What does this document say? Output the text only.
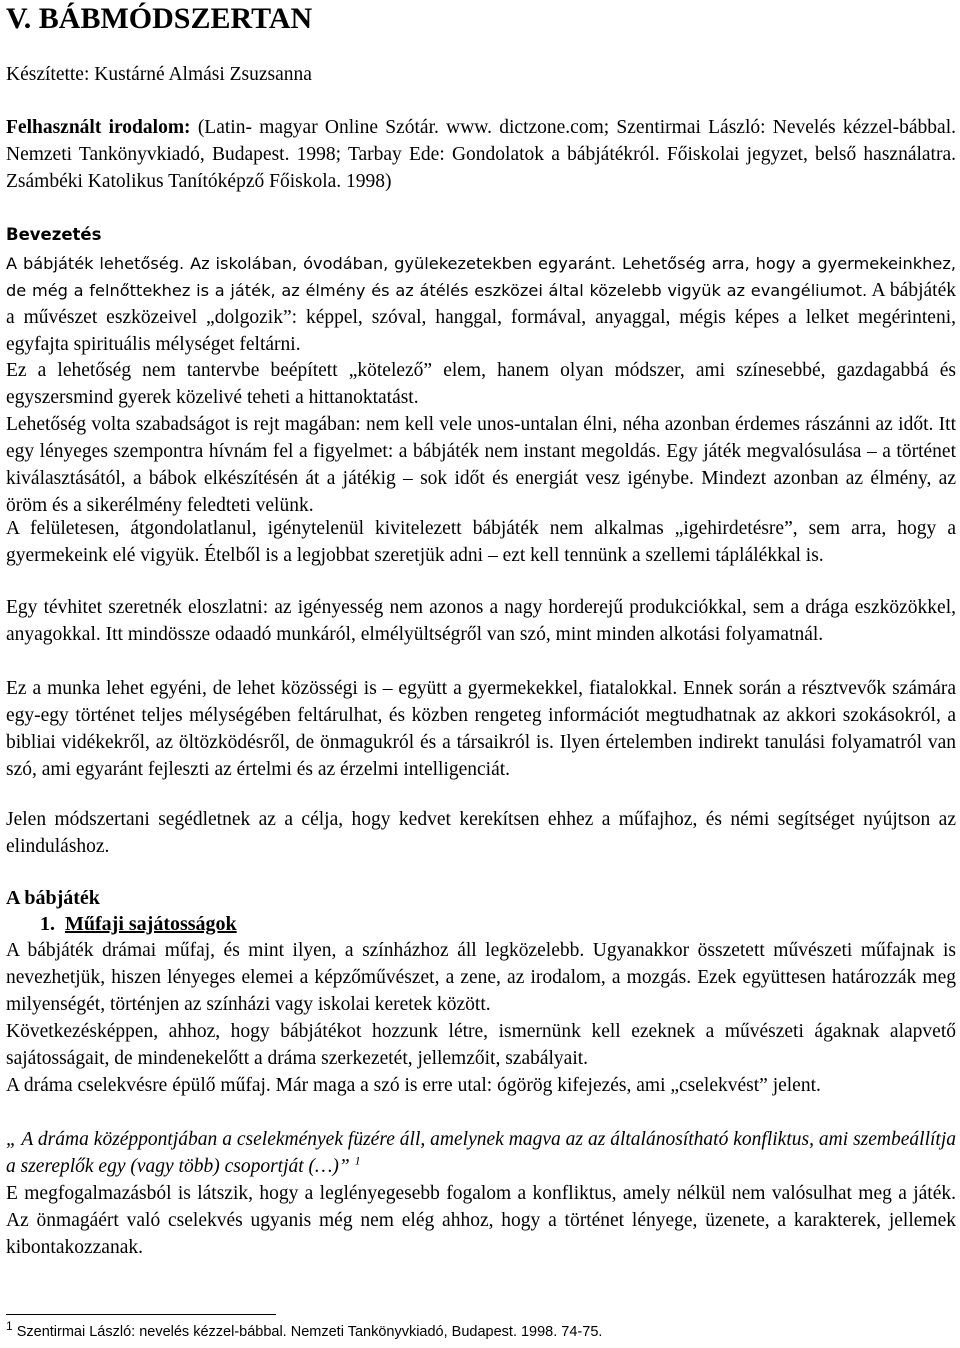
V. BÁBMÓDSZERTAN
Készítette: Kustárné Almási Zsuzsanna

Felhasznált irodalom: (Latin- magyar Online Szótár. www. dictzone.com; Szentirmai László: Nevelés kézzel-bábbal. Nemzeti Tankönyvkiadó, Budapest. 1998; Tarbay Ede: Gondolatok a bábjátékról. Főiskolai jegyzet, belső használatra. Zsámbéki Katolikus Tanítóképző Főiskola. 1998)

Bevezetés

A bábjáték lehetőség. Az iskolában, óvodában, gyülekezetekben egyaránt. Lehetőség arra, hogy a gyermekeinkhez, de még a felnőttekhez is a játék, az élmény és az átélés eszközei által közelebb vigyük az evangéliumot. A bábjáték a művészet eszközeivel „dolgozik”: képpel, szóval, hanggal, formával, anyaggal, mégis képes a lelket megérinteni, egyfajta spirituális mélységet feltárni.

Ez a lehetőség nem tantervbe beépített „kötelező” elem, hanem olyan módszer, ami színesebbé, gazdagabbá és egyszersmind gyerek közelivé teheti a hittanoktatást.

Lehetőség volta szabadságot is rejt magában: nem kell vele unos-untalan élni, néha azonban érdemes rászánni az időt. Itt egy lényeges szempontra hívnám fel a figyelmet: a bábjáték nem instant megoldás. Egy játék megvalósulása – a történet kiválasztásától, a bábok elkészítésén át a játékig – sok időt és energiát vesz igénybe. Mindezt azonban az élmény, az öröm és a sikerélmény feledteti velünk.

A felületesen, átgondolatlanul, igénytelenül kivitelezett bábjáték nem alkalmas „igehirdetésre”, sem arra, hogy a gyermekeink elé vigyük. Ételből is a legjobbat szeretjük adni – ezt kell tennünk a szellemi táplálékkal is.

Egy tévhitet szeretnék eloszlatni: az igényesség nem azonos a nagy horderejű produkciókkal, sem a drága eszközökkel, anyagokkal. Itt mindössze odaadó munkáról, elmélyültségről van szó, mint minden alkotási folyamatnál.

Ez a munka lehet egyéni, de lehet közösségi is – együtt a gyermekekkel, fiatalokkal. Ennek során a résztvevők számára egy-egy történet teljes mélységében feltárulhat, és közben rengeteg információt megtudhatnak az akkori szokásokról, a bibliai vidékekről, az öltözködésről, de önmagukról és a társaikról is. Ilyen értelemben indirekt tanulási folyamatról van szó, ami egyaránt fejleszti az értelmi és az érzelmi intelligenciát.

Jelen módszertani segédletnek az a célja, hogy kedvet kerekítsen ehhez a műfajhoz, és némi segítséget nyújtson az elinduláshoz.

A bábjáték
1. Műfaji sajátosságok

A bábjáték drámai műfaj, és mint ilyen, a színházhoz áll legközelebb. Ugyanakkor összetett művészeti műfajnak is nevezhetjük, hiszen lényeges elemei a képzőművészet, a zene, az irodalom, a mozgás. Ezek együttesen határozzák meg milyenségét, történjen az színházi vagy iskolai keretek között.

Következésképpen, ahhoz, hogy bábjátékot hozzunk létre, ismernünk kell ezeknek a művészeti ágaknak alapvető sajátosságait, de mindenekelőtt a dráma szerkezetét, jellemzőit, szabályait.

A dráma cselekvésre épülő műfaj. Már maga a szó is erre utal: ógörög kifejezés, ami „cselekvést” jelent.

„ A dráma középpontjában a cselekmények füzére áll, amelynek magva az az általánosítható konfliktus, ami szembeállítja a szereplők egy (vagy több) csoportját (…)” $^1$

E megfogalmazásból is látszik, hogy a leglényegesebb fogalom a konfliktus, amely nélkül nem valósulhat meg a játék. Az önmagáért való cselekvés ugyanis még nem elég ahhoz, hogy a történet lényege, üzenete, a karakterek, jellemek kibontakozzanak.

$^1$ Szentirmai László: nevelés kézzel-bábbal. Nemzeti Tankönyvkiadó, Budapest. 1998. 74-75.
